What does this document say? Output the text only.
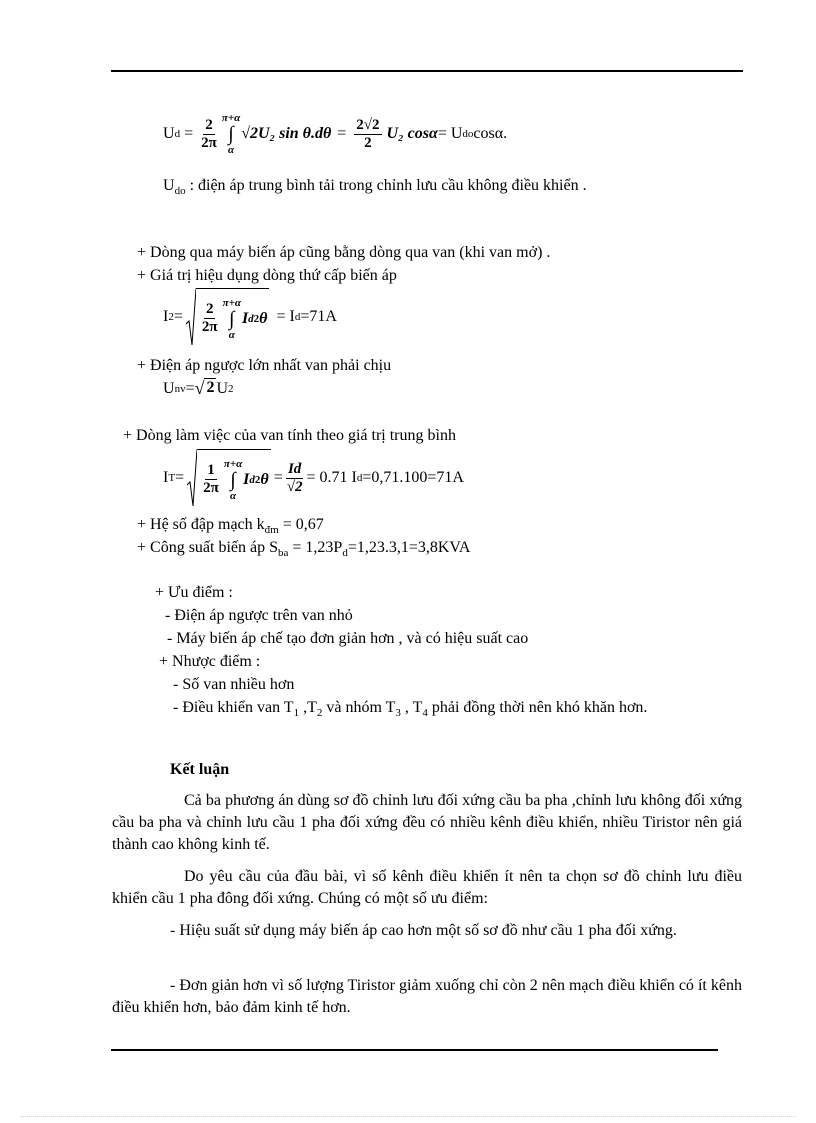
U $d = \frac{2}{2\pi} \pi+\alpha$
∫
α
√2U₂ $\sin \theta.d\theta = \frac{2√2}{2} U_2$ cosα = U do cosα.
$U_{do}$ : điện áp trung bình tải trong chỉnh lưu cầu không điều khiển .
+ Dòng qua máy biến áp cũng bằng dòng qua van (khi van mở) .
+ Giá trị hiệu dụng dòng thứ cấp biến áp
I $2 = \frac{2}{2\pi} \pi+\alpha$
∫
α
I d 2 θ = I d =71A
+ Điện áp ngược lớn nhất van phải chịu
U nv = √ 2 U 2
+ Dòng làm việc của van tính theo giá trị trung bình
I $T = \frac{1}{2\pi} \pi+\alpha$
∫
α
I d 2 $\theta = \frac{Id}{√2} = 0.71$ I d =0,71.100=71A
+ Hệ số đập mạch $k_{đm} = 0,67$
+ Công suất biến áp $S_{ba} = 1,23P_d=1,23.3,1=3,8KVA$
+ Ưu điểm :
- Điện áp ngược trên van nhỏ
- Máy biến áp chế tạo đơn giản hơn , và có hiệu suất cao
+ Nhược điểm :
- Số van nhiều hơn
- Điều khiển van $T_1$ $,T_2$ và nhóm $T_3$ , $T_4$ phải đồng thời nên khó khăn hơn.
Kết luận
Cả ba phương án dùng sơ đồ chỉnh lưu đối xứng cầu ba pha ,chỉnh lưu không đối xứng cầu ba pha và chỉnh lưu cầu 1 pha đối xứng đều có nhiều kênh điều khiển, nhiều Tiristor nên giá thành cao không kinh tế.
Do yêu cầu của đầu bài, vì số kênh điều khiển ít nên ta chọn sơ đồ chỉnh lưu điều khiển cầu 1 pha đông đối xứng. Chúng có một số ưu điểm:
- Hiệu suất sử dụng máy biến áp cao hơn một số sơ đồ như cầu 1 pha đối xứng.
- Đơn giản hơn vì số lượng Tiristor giảm xuống chỉ còn 2 nên mạch điều khiển có ít kênh điều khiển hơn, bảo đảm kinh tế hơn.
